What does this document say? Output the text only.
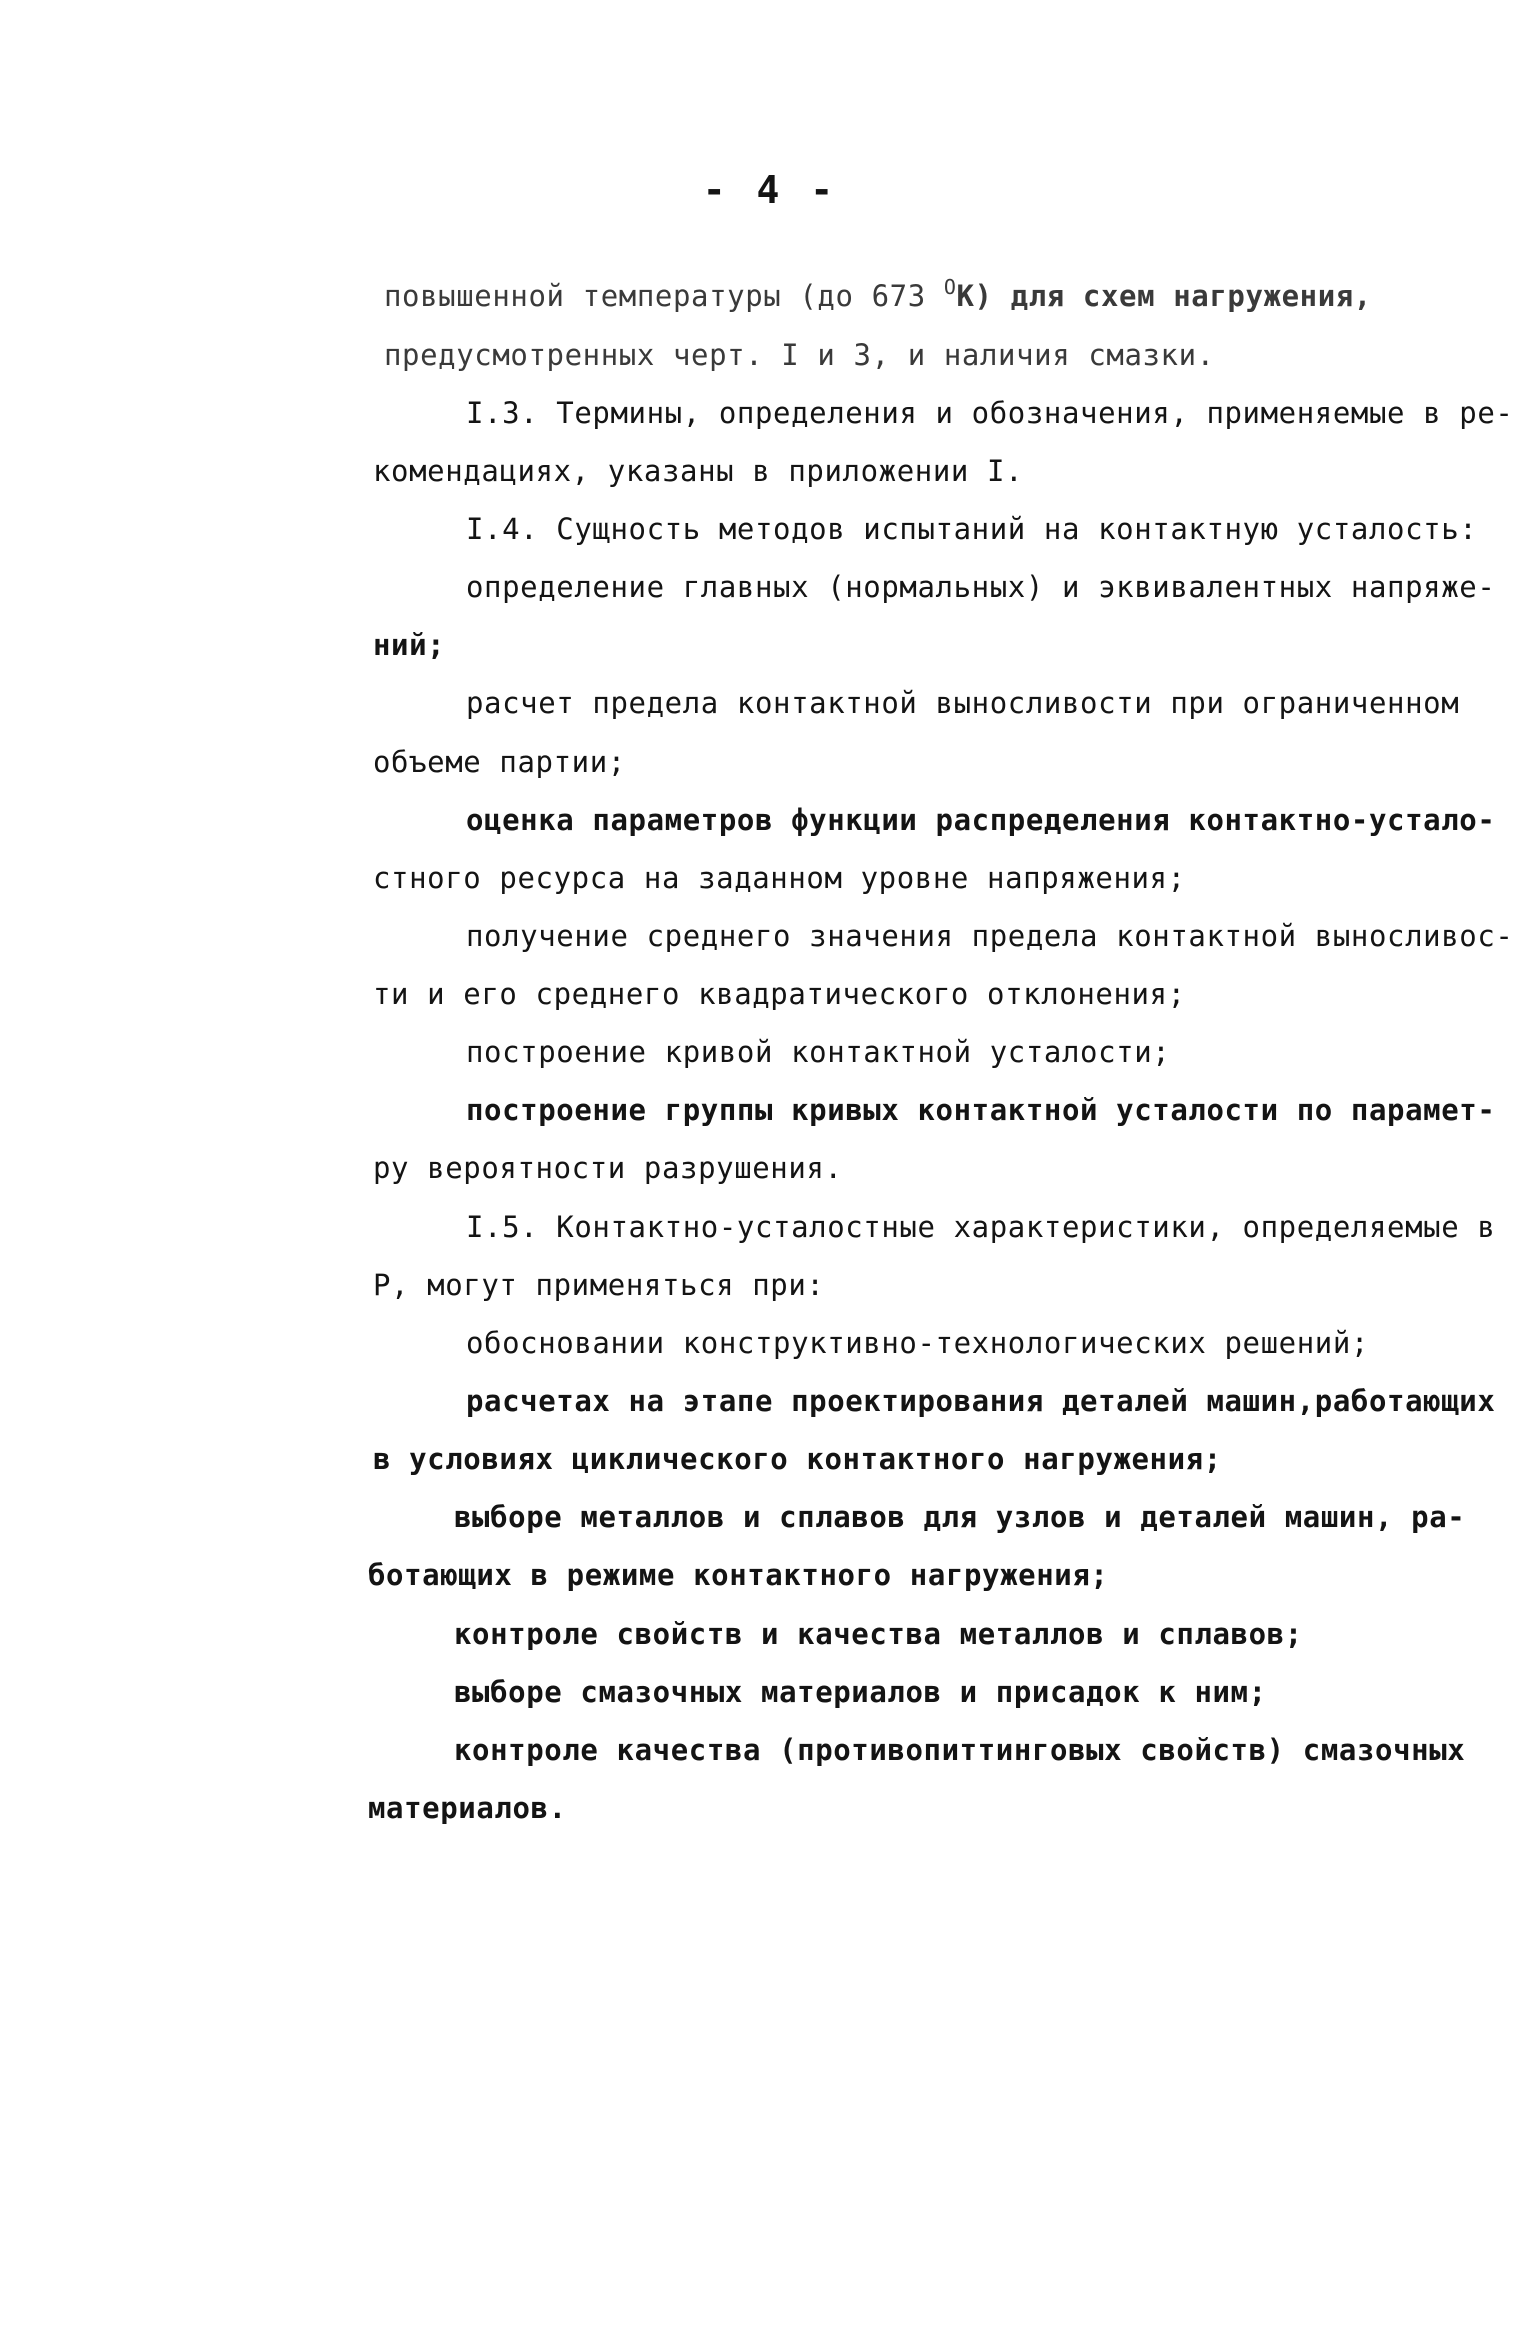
- 4 -
повышенной температуры (до 673 $^O$K) для схем нагружения,
предусмотренных черт. I и 3, и наличия смазки.
I.3. Термины, определения и обозначения, применяемые в ре-
комендациях, указаны в приложении I.
I.4. Сущность методов испытаний на контактную усталость:
определение главных (нормальных) и эквивалентных напряже-
ний;
расчет предела контактной выносливости при ограниченном
объеме партии;
оценка параметров функции распределения контактно-устало-
стного ресурса на заданном уровне напряжения;
получение среднего значения предела контактной выносливос-
ти и его среднего квадратического отклонения;
построение кривой контактной усталости;
построение группы кривых контактной усталости по парамет-
ру вероятности разрушения.
I.5. Контактно-усталостные характеристики, определяемые в
Р, могут применяться при:
обосновании конструктивно-технологических решений;
расчетах на этапе проектирования деталей машин,работающих
в условиях циклического контактного нагружения;
выборе металлов и сплавов для узлов и деталей машин, ра-
ботающих в режиме контактного нагружения;
контроле свойств и качества металлов и сплавов;
выборе смазочных материалов и присадок к ним;
контроле качества (противопиттинговых свойств) смазочных
материалов.
